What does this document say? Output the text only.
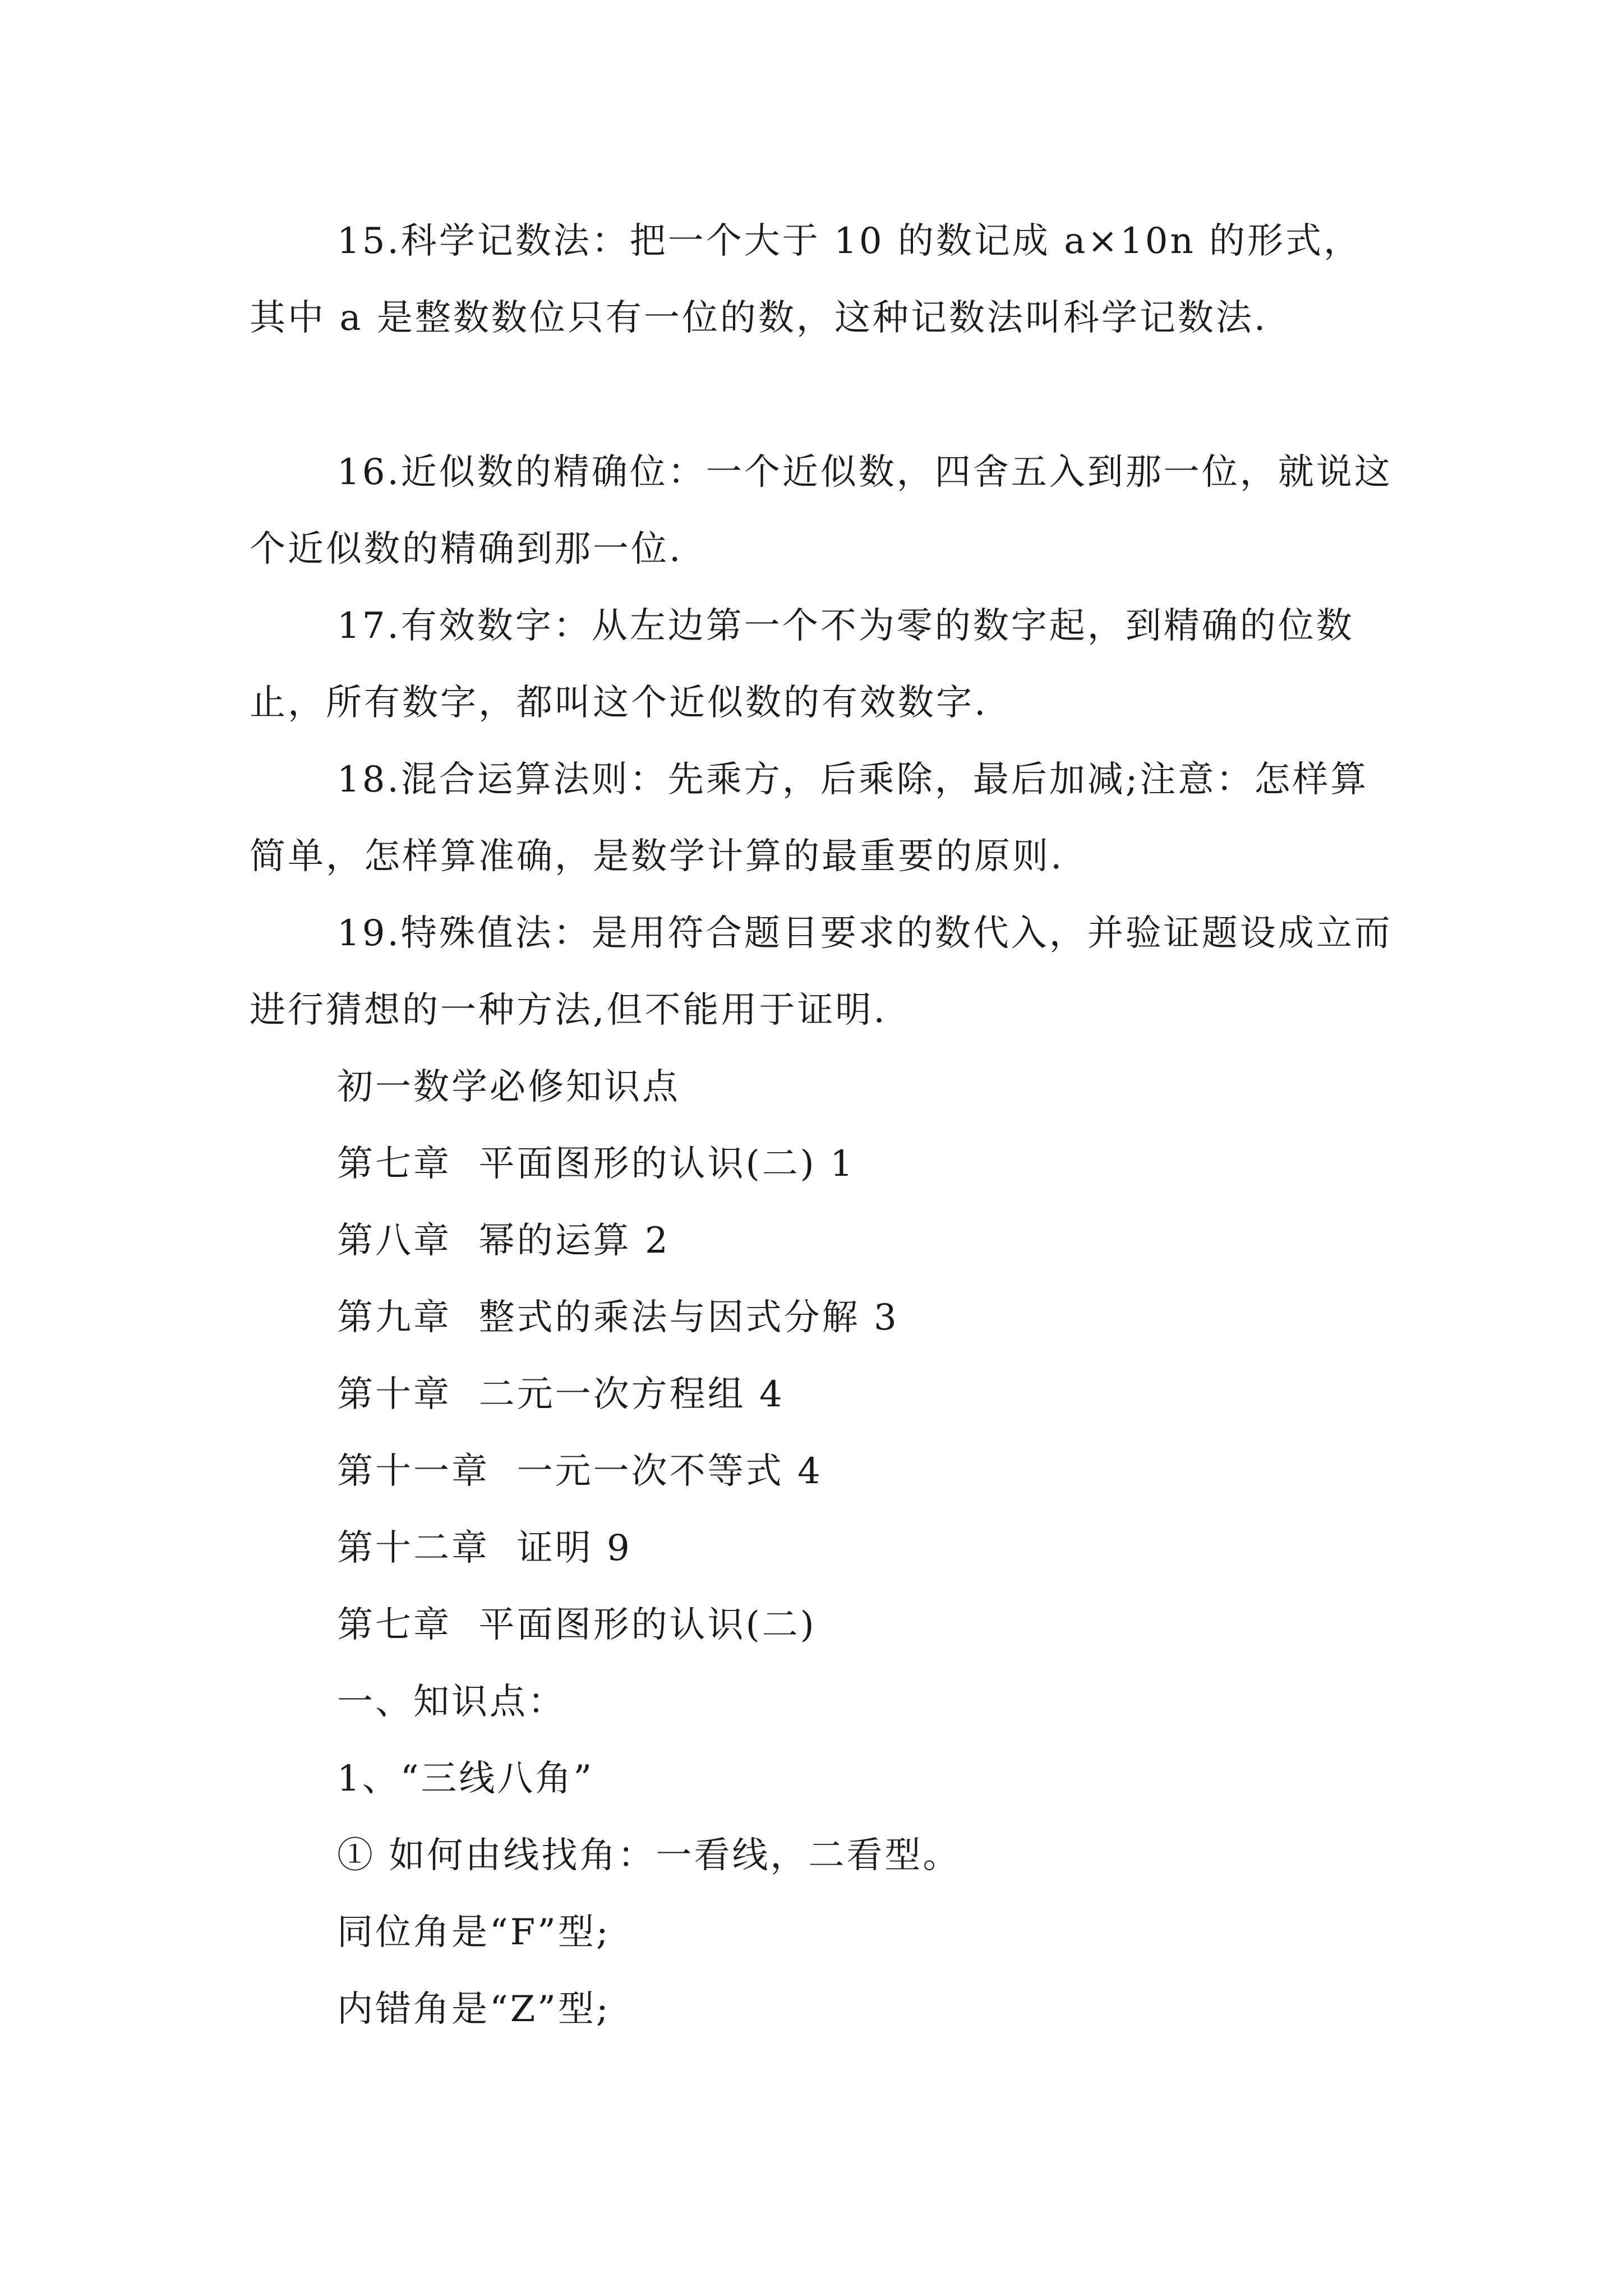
15.科学记数法：把一个大于 10 的数记成 a×10n 的形式，其中 a 是整数数位只有一位的数，这种记数法叫科学记数法.

16.近似数的精确位：一个近似数，四舍五入到那一位，就说这个近似数的精确到那一位.

17.有效数字：从左边第一个不为零的数字起，到精确的位数止，所有数字，都叫这个近似数的有效数字.

18.混合运算法则：先乘方，后乘除，最后加减;注意：怎样算简单，怎样算准确，是数学计算的最重要的原则.

19.特殊值法：是用符合题目要求的数代入，并验证题设成立而进行猜想的一种方法,但不能用于证明.

初一数学必修知识点

第七章  平面图形的认识(二) 1

第八章  幂的运算 2

第九章  整式的乘法与因式分解 3

第十章  二元一次方程组 4

第十一章  一元一次不等式 4

第十二章  证明 9

第七章  平面图形的认识(二)

一、知识点：

1、“三线八角”

① 如何由线找角：一看线，二看型。

同位角是“F”型;

内错角是“Z”型;
